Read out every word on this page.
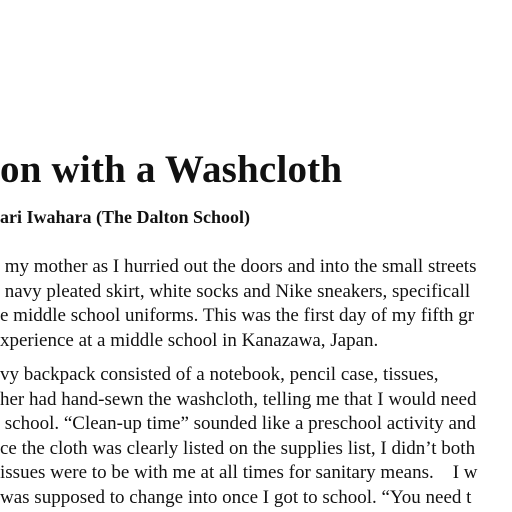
on with a Washcloth
ari Iwahara (The Dalton School)
my mother as I hurried out the doors and into the small streets
navy pleated skirt, white socks and Nike sneakers, specificall
e middle school uniforms. This was the first day of my fifth gr
xperience at a middle school in Kanazawa, Japan.
vy backpack consisted of a notebook, pencil case, tissues,
her had hand-sewn the washcloth, telling me that I would need
school. “Clean-up time” sounded like a preschool activity and
ce the cloth was clearly listed on the supplies list, I didn’t both
issues were to be with me at all times for sanitary means.    I w
was supposed to change into once I got to school. “You need t
